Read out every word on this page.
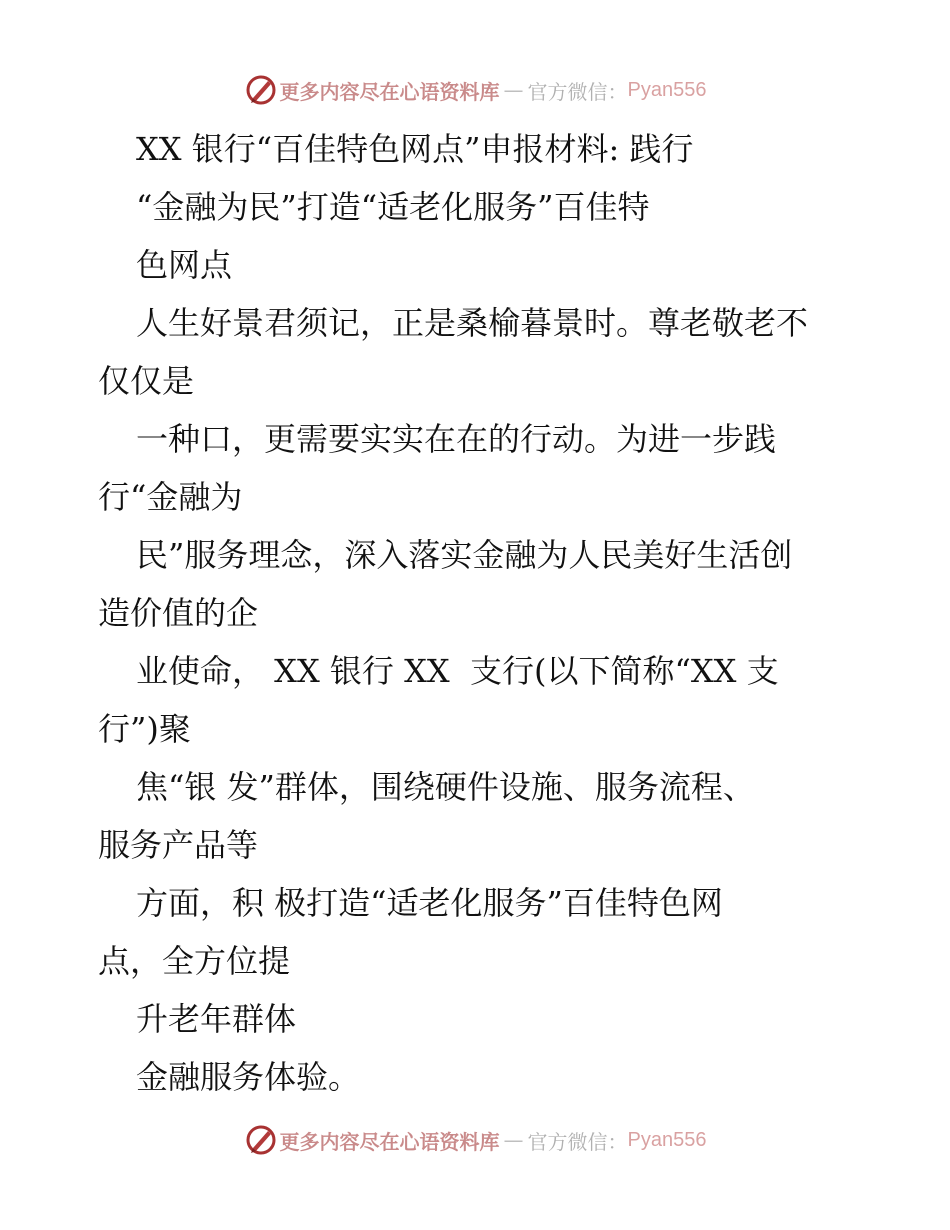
更多内容尽在心语资料库 — 官方微信： Pyan556
XX 银行“百佳特色网点”申报材料: 践行
“金融为民”打造“适老化服务”百佳特
色网点
人生好景君须记，正是桑榆暮景时。尊老敬老不
仅仅是
一种口，更需要实实在在的行动。为进一步践
行“金融为
民”服务理念，深入落实金融为人民美好生活创
造价值的企
业使命， XX 银行 XX  支行(以下简称“XX 支
行”)聚
焦“银 发”群体，围绕硬件设施、服务流程、
服务产品等
方面，积 极打造“适老化服务”百佳特色网
点，全方位提
升老年群体
金融服务体验。
更多内容尽在心语资料库 — 官方微信： Pyan556
